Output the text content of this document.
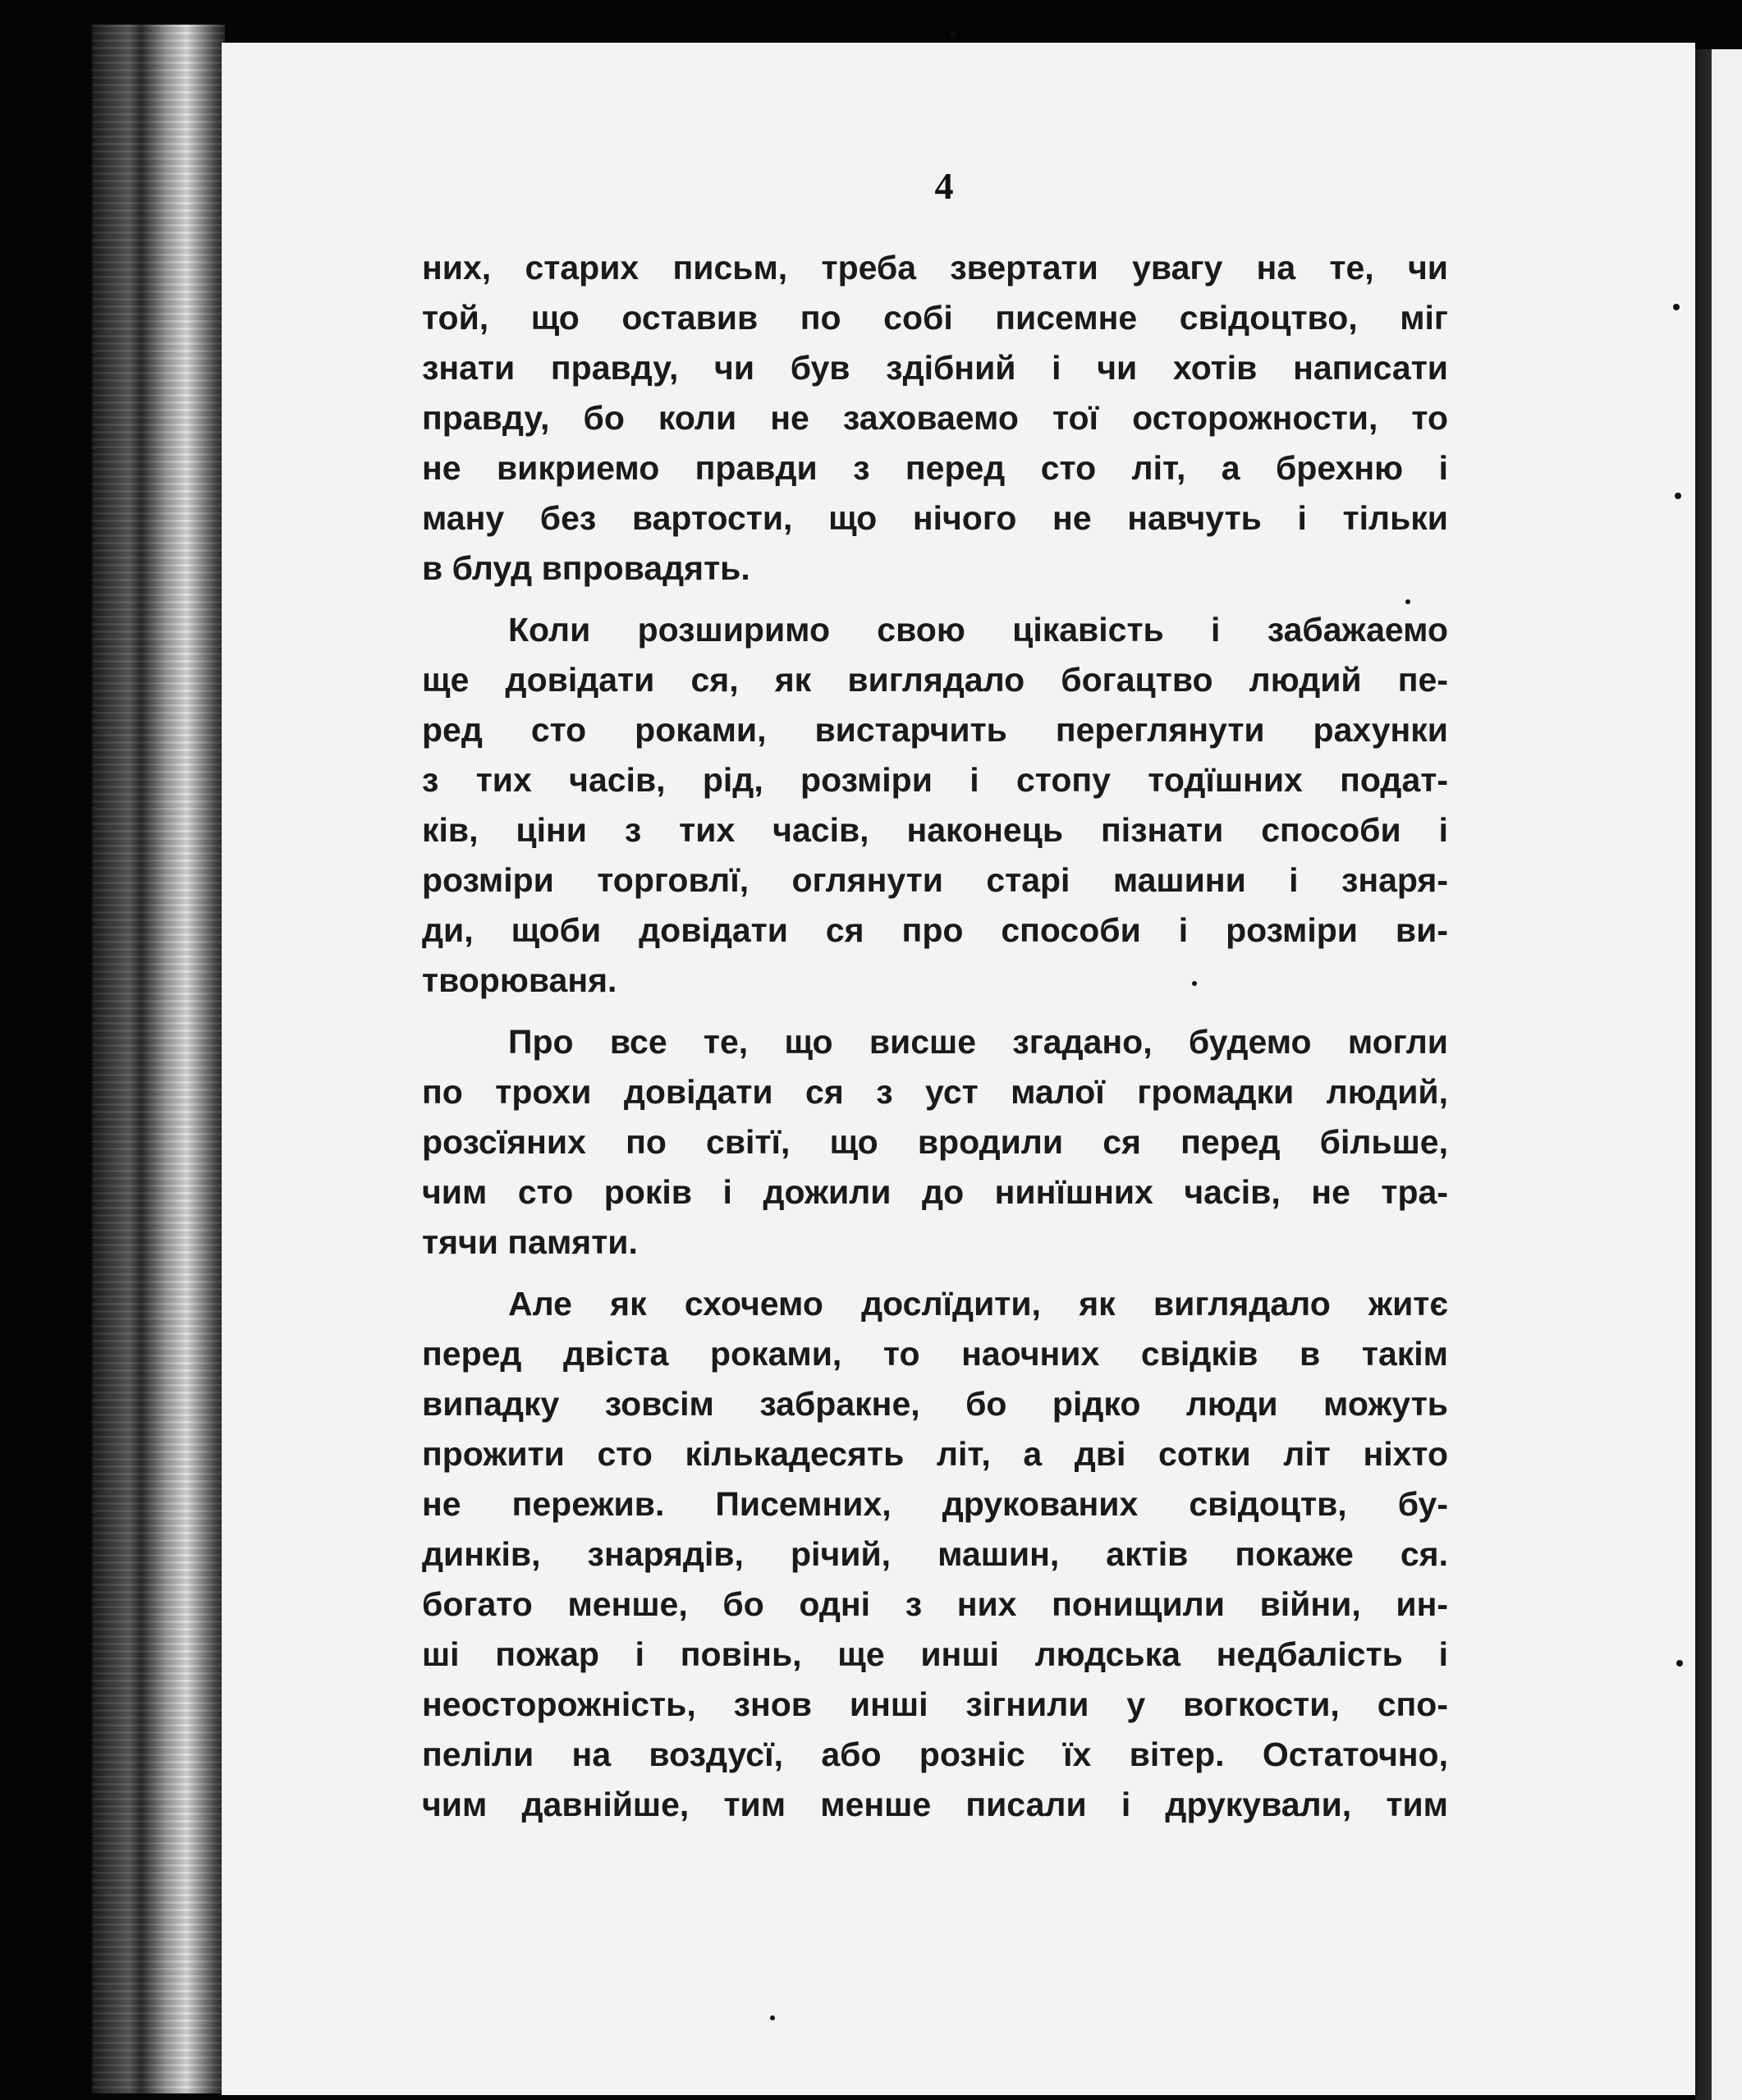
4
них, старих письм, треба звертати увагу на те, чи
той, що оставив по собі писемне свідоцтво, міг
знати правду, чи був здібний і чи хотів написати
правду, бо коли не заховаемо тої осторожности, то
не викриемо правди з перед сто літ, а брехню і
ману без вартости, що нічого не навчуть і тільки
в блуд впровадять.
Коли розширимо свою цікавість і забажаемо
ще довідати ся, як виглядало богацтво людий пе-
ред сто роками, вистарчить переглянути рахунки
з тих часів, рід, розміри і стопу тодїшних подат-
ків, ціни з тих часів, наконець пізнати способи і
розміри торговлї, оглянути старі машини і знаря-
ди, щоби довідати ся про способи і розміри ви-
творюваня.
Про все те, що висше згадано, будемо могли
по трохи довідати ся з уст малої громадки людий,
розсїяних по світї, що вродили ся перед більше,
чим сто років і дожили до нинїшних часів, не тра-
тячи памяти.
Але як схочемо дослїдити, як виглядало житє
перед двіста роками, то наочних свідків в такім
випадку зовсім забракне, бо рідко люди можуть
прожити сто кількадесять літ, а дві сотки літ ніхто
не пережив. Писемних, друкованих свідоцтв, бу-
динків, знарядів, річий, машин, актів покаже ся.
богато менше, бо одні з них понищили війни, ин-
ші пожар і повінь, ще инші людська недбалість і
неосторожність, знов инші зігнили у вогкости, спо-
пеліли на воздусї, або розніс їх вітер. Остаточно,
чим давнійше, тим менше писали і друкували, тим
